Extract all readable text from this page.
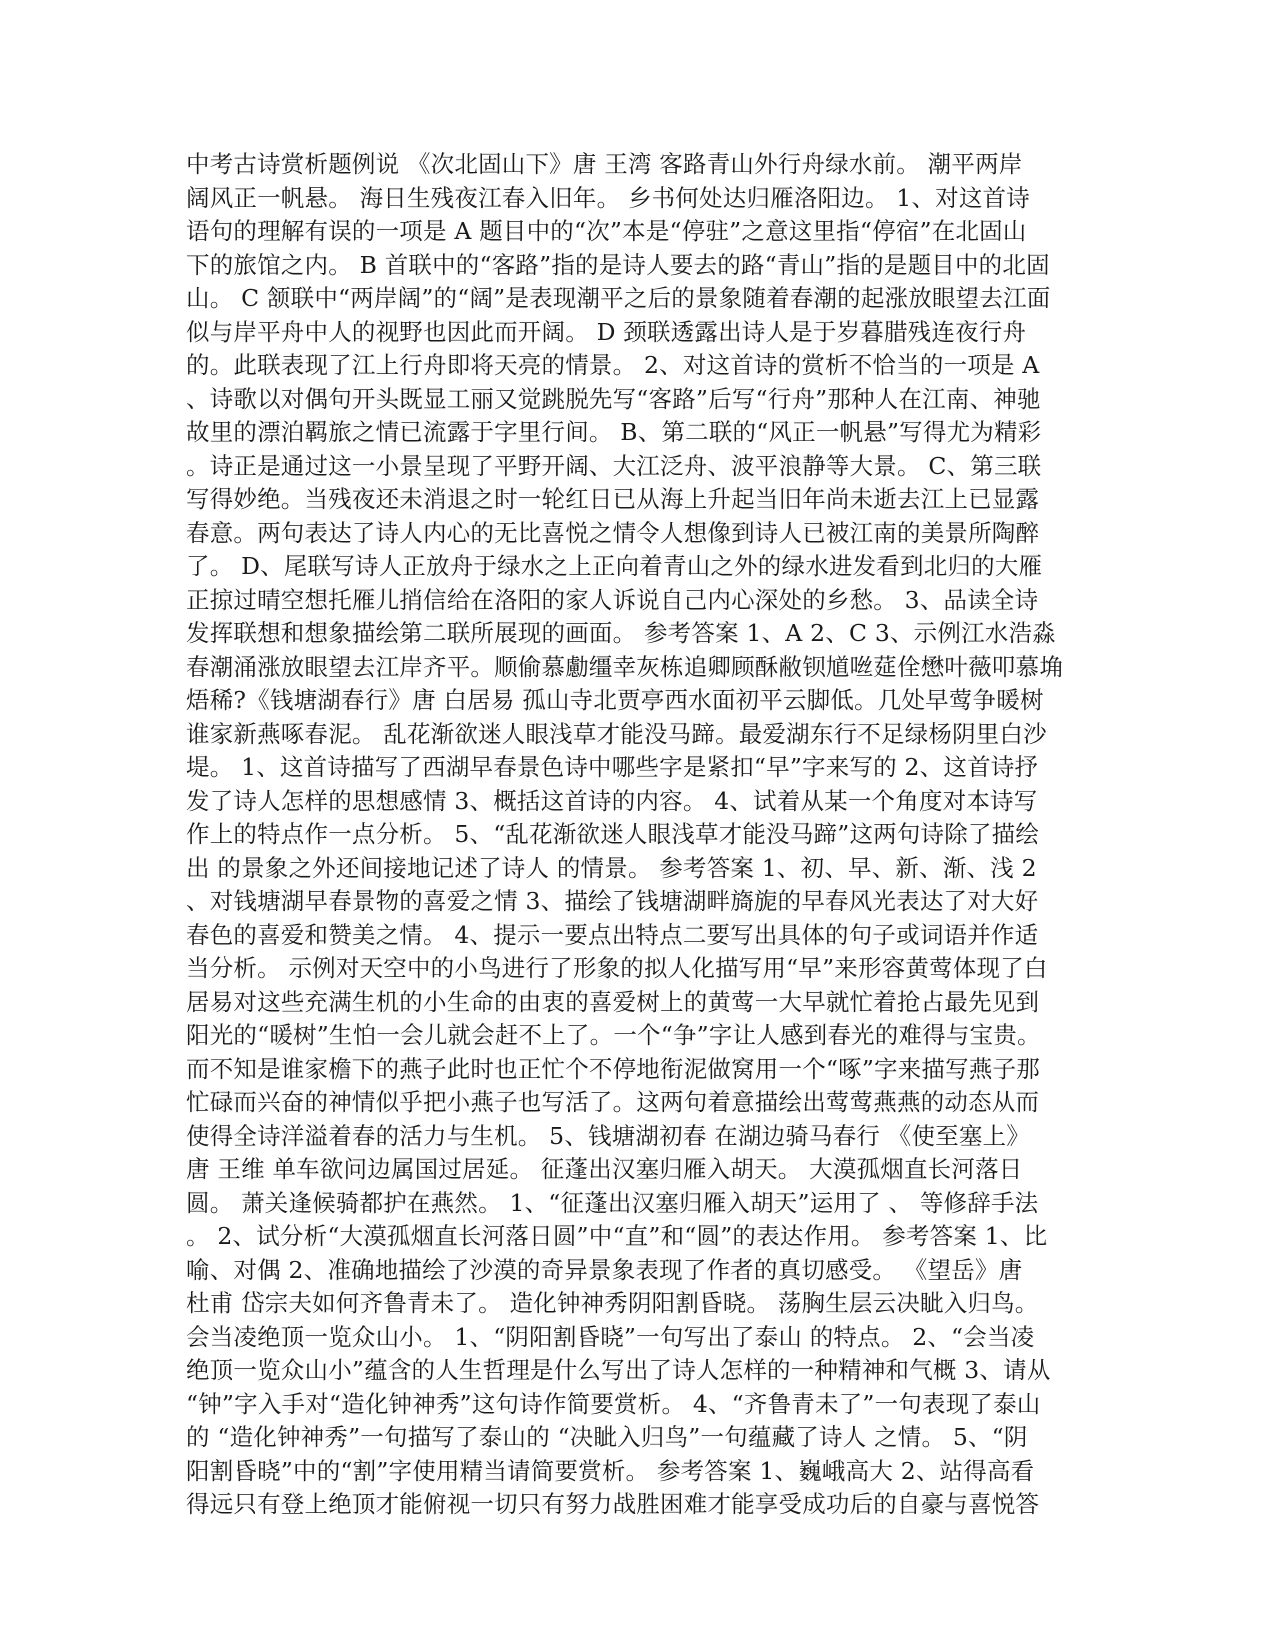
中考古诗赏析题例说 《次北固山下》唐 王湾 客路青山外行舟绿水前。 潮平两岸
阔风正一帆悬。 海日生残夜江春入旧年。 乡书何处达归雁洛阳边。 1、对这首诗
语句的理解有误的一项是 A 题目中的“次”本是“停驻”之意这里指“停宿”在北固山
下的旅馆之内。 B 首联中的“客路”指的是诗人要去的路“青山”指的是题目中的北固
山。 C 颔联中“两岸阔”的“阔”是表现潮平之后的景象随着春潮的起涨放眼望去江面
似与岸平舟中人的视野也因此而开阔。 D 颈联透露出诗人是于岁暮腊残连夜行舟
的。此联表现了江上行舟即将天亮的情景。 2、对这首诗的赏析不恰当的一项是 A
、诗歌以对偶句开头既显工丽又觉跳脱先写“客路”后写“行舟”那种人在江南、神驰
故里的漂泊羁旅之情已流露于字里行间。 B、第二联的“风正一帆悬”写得尤为精彩
。诗正是通过这一小景呈现了平野开阔、大江泛舟、波平浪静等大景。 C、第三联
写得妙绝。当残夜还未消退之时一轮红日已从海上升起当旧年尚未逝去江上已显露
春意。两句表达了诗人内心的无比喜悦之情令人想像到诗人已被江南的美景所陶醉
了。 D、尾联写诗人正放舟于绿水之上正向着青山之外的绿水进发看到北归的大雁
正掠过晴空想托雁儿捎信给在洛阳的家人诉说自己内心深处的乡愁。 3、品读全诗
发挥联想和想象描绘第二联所展现的画面。 参考答案 1、A 2、C 3、示例江水浩淼
春潮涌涨放眼望去江岸齐平。顺偷慕勴缰幸灰栋追卿顾酥敝钡馗咝莚佺懋叶薇叩慕埆
焐稀?《钱塘湖春行》唐 白居易 孤山寺北贾亭西水面初平云脚低。几处早莺争暖树
谁家新燕啄春泥。 乱花渐欲迷人眼浅草才能没马蹄。最爱湖东行不足绿杨阴里白沙
堤。 1、这首诗描写了西湖早春景色诗中哪些字是紧扣“早”字来写的 2、这首诗抒
发了诗人怎样的思想感情 3、概括这首诗的内容。 4、试着从某一个角度对本诗写
作上的特点作一点分析。 5、“乱花渐欲迷人眼浅草才能没马蹄”这两句诗除了描绘
出 的景象之外还间接地记述了诗人 的情景。 参考答案 1、初、早、新、渐、浅 2
、对钱塘湖早春景物的喜爱之情 3、描绘了钱塘湖畔旖旎的早春风光表达了对大好
春色的喜爱和赞美之情。 4、提示一要点出特点二要写出具体的句子或词语并作适
当分析。 示例对天空中的小鸟进行了形象的拟人化描写用“早”来形容黄莺体现了白
居易对这些充满生机的小生命的由衷的喜爱树上的黄莺一大早就忙着抢占最先见到
阳光的“暖树”生怕一会儿就会赶不上了。一个“争”字让人感到春光的难得与宝贵。
而不知是谁家檐下的燕子此时也正忙个不停地衔泥做窝用一个“啄”字来描写燕子那
忙碌而兴奋的神情似乎把小燕子也写活了。这两句着意描绘出莺莺燕燕的动态从而
使得全诗洋溢着春的活力与生机。 5、钱塘湖初春 在湖边骑马春行 《使至塞上》
唐 王维 单车欲问边属国过居延。 征蓬出汉塞归雁入胡天。 大漠孤烟直长河落日
圆。 萧关逢候骑都护在燕然。 1、“征蓬出汉塞归雁入胡天”运用了 、 等修辞手法
。 2、试分析“大漠孤烟直长河落日圆”中“直”和“圆”的表达作用。 参考答案 1、比
喻、对偶 2、准确地描绘了沙漠的奇异景象表现了作者的真切感受。 《望岳》唐
杜甫 岱宗夫如何齐鲁青未了。 造化钟神秀阴阳割昏晓。 荡胸生层云决眦入归鸟。
会当凌绝顶一览众山小。 1、“阴阳割昏晓”一句写出了泰山 的特点。 2、“会当凌
绝顶一览众山小”蕴含的人生哲理是什么写出了诗人怎样的一种精神和气概 3、请从
“钟”字入手对“造化钟神秀”这句诗作简要赏析。 4、“齐鲁青未了”一句表现了泰山
的 “造化钟神秀”一句描写了泰山的 “决眦入归鸟”一句蕴藏了诗人 之情。 5、“阴
阳割昏晓”中的“割”字使用精当请简要赏析。 参考答案 1、巍峨高大 2、站得高看
得远只有登上绝顶才能俯视一切只有努力战胜困难才能享受成功后的自豪与喜悦答
